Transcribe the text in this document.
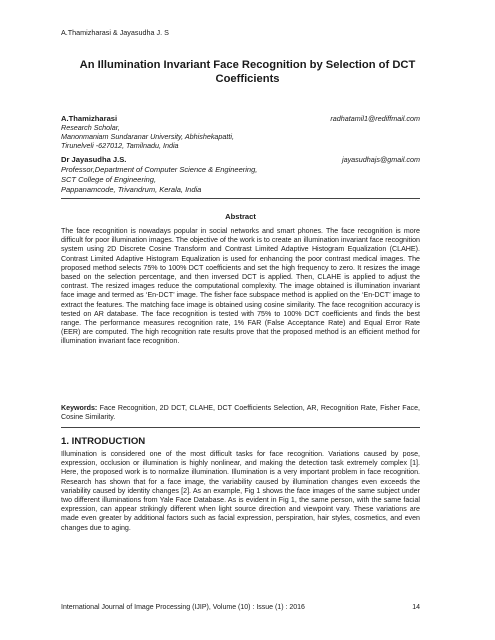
A.Thamizharasi & Jayasudha J. S
An Illumination Invariant Face Recognition by Selection of DCT Coefficients
A.Thamizharasi	radhatamil1@rediffmail.com
Research Scholar,
Manonmaniam Sundaranar University, Abhishekapatti,
Tirunelveli -627012, Tamilnadu, India
Dr Jayasudha J.S.	jayasudhajs@gmail.com
Professor,Department of Computer Science & Engineering,
SCT College of Engineering,
Pappanamcode, Trivandrum, Kerala, India
Abstract
The face recognition is nowadays popular in social networks and smart phones. The face recognition is more difficult for poor illumination images. The objective of the work is to create an illumination invariant face recognition system using 2D Discrete Cosine Transform and Contrast Limited Adaptive Histogram Equalization (CLAHE). Contrast Limited Adaptive Histogram Equalization is used for enhancing the poor contrast medical images. The proposed method selects 75% to 100% DCT coefficients and set the high frequency to zero. It resizes the image based on the selection percentage, and then inversed DCT is applied. Then, CLAHE is applied to adjust the contrast. The resized images reduce the computational complexity. The image obtained is illumination invariant face image and termed as ‘En-DCT’ image. The fisher face subspace method is applied on the ‘En-DCT’ image to extract the features. The matching face image is obtained using cosine similarity. The face recognition accuracy is tested on AR database. The face recognition is tested with 75% to 100% DCT coefficients and finds the best range. The performance measures recognition rate, 1% FAR (False Acceptance Rate) and Equal Error Rate (EER) are computed. The high recognition rate results prove that the proposed method is an efficient method for illumination invariant face recognition.
Keywords: Face Recognition, 2D DCT, CLAHE, DCT Coefficients Selection, AR, Recognition Rate, Fisher Face, Cosine Similarity.
1. INTRODUCTION
Illumination is considered one of the most difficult tasks for face recognition. Variations caused by pose, expression, occlusion or illumination is highly nonlinear, and making the detection task extremely complex [1]. Here, the proposed work is to normalize illumination. Illumination is a very important problem in face recognition. Research has shown that for a face image, the variability caused by illumination changes even exceeds the variability caused by identity changes [2]. As an example, Fig 1 shows the face images of the same subject under two different illuminations from Yale Face Database. As is evident in Fig 1, the same person, with the same facial expression, can appear strikingly different when light source direction and viewpoint vary. These variations are made even greater by additional factors such as facial expression, perspiration, hair styles, cosmetics, and even changes due to aging.
International Journal of Image Processing (IJIP), Volume (10) : Issue (1) : 2016	14
